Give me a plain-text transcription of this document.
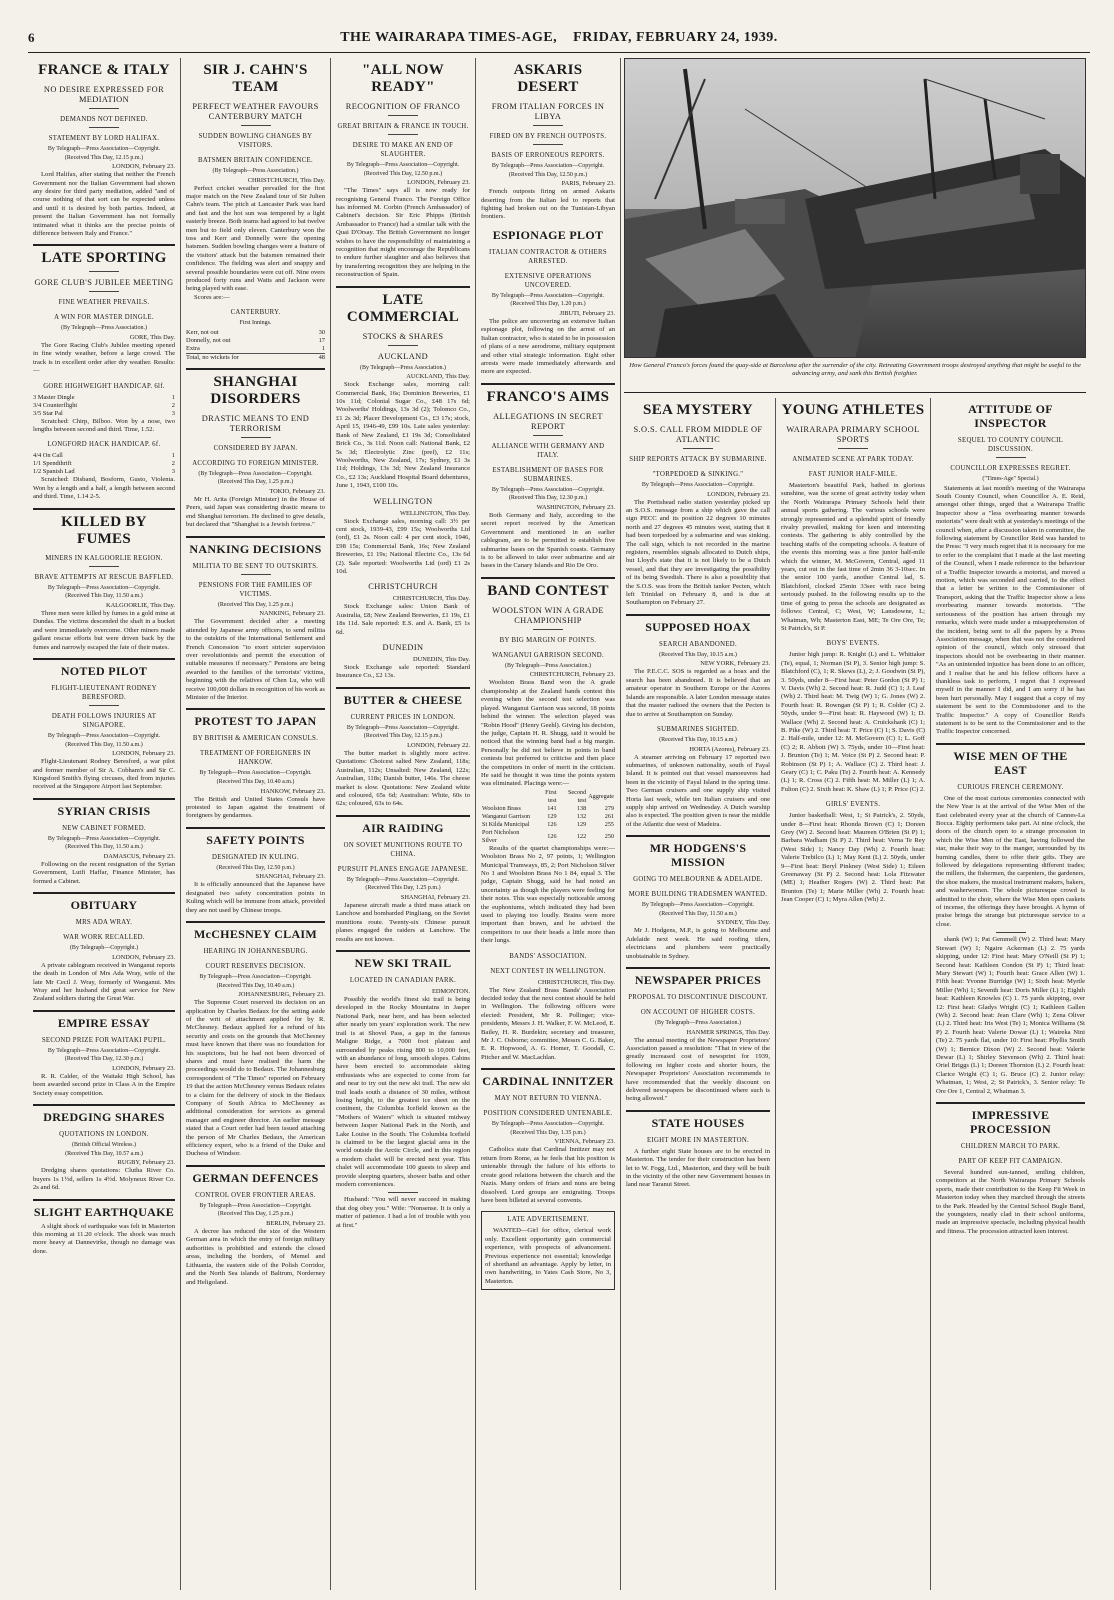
6	THE WAIRARAPA TIMES-AGE, FRIDAY, FEBRUARY 24, 1939.
FRANCE & ITALY
NO DESIRE EXPRESSED FOR MEDIATION
DEMANDS NOT DEFINED.
STATEMENT BY LORD HALIFAX.
By Telegraph—Press Association—Copyright.
(Received This Day, 12.15 p.m.)
LONDON, February 23.

Lord Halifax, after stating that neither the French Government nor the Italian Government had shown any desire for third party mediation, added "and of course nothing of that sort can be expected unless and until it is desired by both parties. Indeed, at present the Italian Government has not formally intimated what it thinks are the precise points of difference between Italy and France."

LATE SPORTING
GORE CLUB'S JUBILEE MEETING
FINE WEATHER PREVAILS.
A WIN FOR MASTER DINGLE.
(By Telegraph—Press Association.)
GORE, This Day.

The Gore Racing Club's Jubilee meeting opened in fine windy weather, before a large crowd. The track is in excellent order after dry weather. Results:—

GORE HIGHWEIGHT HANDICAP. 6lf.
3 Master Dingle	1
3/4 Counterflight	2
3/5 Star Pal	3

Scratched: Chirp, Bilboo. Won by a nose, two lengths between second and third. Time, 1.52.

LONGFORD HACK HANDICAP. 6f.
4/4 On Call	1
1/1 Spendthrift	2
1/2 Spanish Lad	3

Scratched: Disband, Bosform, Gusto, Violenta. Won by a length and a half, a length between second and third. Time, 1.14 2-5.

KILLED BY FUMES
MINERS IN KALGOORLIE REGION.
BRAVE ATTEMPTS AT RESCUE BAFFLED.
By Telegraph—Press Association—Copyright.
(Received This Day, 11.50 a.m.)
KALGOORLIE, This Day.

Three men were killed by fumes in a gold mine at Dundas. The victims descended the shaft in a bucket and were immediately overcome. Other miners made gallant rescue efforts but were driven back by the fumes and narrowly escaped the fate of their mates.

NOTED PILOT
FLIGHT-LIEUTENANT RODNEY BERESFORD.
DEATH FOLLOWS INJURIES AT SINGAPORE.
By Telegraph—Press Association—Copyright.
(Received This Day, 11.50 a.m.)
LONDON, February 23.

Flight-Lieutenant Rodney Beresford, a war pilot and former member of Sir A. Cobham's and Sir C. Kingsford Smith's flying circuses, died from injuries received at the Singapore Airport last September.

SYRIAN CRISIS
NEW CABINET FORMED.
By Telegraph—Press Association—Copyright.
(Received This Day, 11.50 a.m.)
DAMASCUS, February 23.

Following on the recent resignation of the Syrian Government, Lutfi Haffar, Finance Minister, has formed a Cabinet.

OBITUARY
MRS ADA WRAY.
WAR WORK RECALLED.
(By Telegraph—Copyright.)
LONDON, February 23.

A private cablegram received in Wanganui reports the death in London of Mrs Ada Wray, wife of the late Mr Cecil J. Wray, formerly of Wanganui. Mrs Wray and her husband did great service for New Zealand soldiers during the Great War.

EMPIRE ESSAY
SECOND PRIZE FOR WAITAKI PUPIL.
By Telegraph—Press Association—Copyright.
(Received This Day, 12.30 p.m.)
LONDON, February 23.

R. R. Calder, of the Waitaki High School, has been awarded second prize in Class A in the Empire Society essay competition.

DREDGING SHARES
QUOTATIONS IN LONDON.
(British Official Wireless.)
(Received This Day, 10.57 a.m.)
RUGBY, February 23.

Dredging shares quotations: Clutha River Co. buyers 1s 1½d, sellers 1s 4½d. Molyneux River Co. 2s and 6d.

SLIGHT EARTHQUAKE

A slight shock of earthquake was felt in Masterton this morning at 11.20 o'clock. The shock was much more heavy at Dannevirke, though no damage was done.

SIR J. CAHN'S TEAM
PERFECT WEATHER FAVOURS CANTERBURY MATCH
SUDDEN BOWLING CHANGES BY VISITORS.
BATSMEN BRITAIN CONFIDENCE.
(By Telegraph—Press Association.)
CHRISTCHURCH, This Day.

Perfect cricket weather prevailed for the first major match on the New Zealand tour of Sir Julien Cahn's team. The pitch at Lancaster Park was hard and fast and the hot sun was tempered by a light easterly breeze. Both teams had agreed to bat twelve men but to field only eleven. Canterbury won the toss and Kerr and Donnelly were the opening batsmen. Sudden bowling changes were a feature of the visitors' attack but the batsmen remained their confidence. The fielding was alert and snappy and several possible boundaries were cut off. Nine overs produced forty runs and Watts and Jackson were being played with ease.

Scores are:—

CANTERBURY.
First Innings.
Kerr, not out	30
Donnelly, not out	17
Extra	1
Total, no wickets for	48
SHANGHAI DISORDERS
DRASTIC MEANS TO END TERRORISM
CONSIDERED BY JAPAN.
ACCORDING TO FOREIGN MINISTER.
(By Telegraph—Press Association—Copyright.
(Received This Day, 1.25 p.m.)
TOKIO, February 23.

Mr H. Arita (Foreign Minister) in the House of Peers, said Japan was considering drastic means to end Shanghai terrorism. He declined to give details, but declared that "Shanghai is a Jewish fortress."

NANKING DECISIONS
MILITIA TO BE SENT TO OUTSKIRTS.
PENSIONS FOR THE FAMILIES OF VICTIMS.
(Received This Day, 1.25 p.m.)
NANKING, February 23.

The Government decided after a meeting attended by Japanese army officers, to send militia to the outskirts of the International Settlement and French Concession "to exert stricter supervision over revolutionists and permit the execution of suitable measures if necessary." Pensions are being awarded to the families of the terrorists' victims, beginning with the relatives of Chen Lu, who will receive 100,000 dollars in recognition of his work as Minister of the Interior.

PROTEST TO JAPAN
BY BRITISH & AMERICAN CONSULS.
TREATMENT OF FOREIGNERS IN HANKOW.
By Telegraph—Press Association—Copyright.
(Received This Day, 10.40 a.m.)
HANKOW, February 23.

The British and United States Consuls have protested to Japan against the treatment of foreigners by gendarmes.

SAFETY POINTS
DESIGNATED IN KULING.
(Received This Day, 12.50 p.m.)
SHANGHAI, February 23.

It is officially announced that the Japanese have designated two safety concentration points in Kuling which will be immune from attack, provided they are not used by Chinese troops.

McCHESNEY CLAIM
HEARING IN JOHANNESBURG.
COURT RESERVES DECISION.
By Telegraph—Press Association—Copyright.
(Received This Day, 10.40 a.m.)
JOHANNESBURG, February 23.

The Supreme Court reserved its decision on an application by Charles Bedaux for the setting aside of the writ of attachment applied for by R. McChesney. Bedaux applied for a refund of his security and costs on the grounds that McChesney must have known that there was no foundation for his suspicions, but he had not been divorced of shares and must have realised the harm the proceedings would do to Bedaux. The Johannesburg correspondent of "The Times" reported on February 19 that the action McChesney versus Bedaux relates to a claim for the delivery of stock in the Bedaux Company of South Africa to McChesney as additional consideration for services as general manager and engineer director. An earlier message stated that a Court order had been issued attaching the person of Mr Charles Bedaux, the American efficiency expert, who is a friend of the Duke and Duchess of Windsor.

GERMAN DEFENCES
CONTROL OVER FRONTIER AREAS.
By Telegraph—Press Association—Copyright.
(Received This Day, 1.25 p.m.)
BERLIN, February 23.

A decree has reduced the size of the Western German area in which the entry of foreign military authorities is prohibited and extends the closed areas, including the borders, of Memel and Lithuania, the eastern side of the Polish Corridor, and the North Sea islands of Baltrum, Norderney and Heligoland.

"ALL NOW READY"
RECOGNITION OF FRANCO
GREAT BRITAIN & FRANCE IN TOUCH.
DESIRE TO MAKE AN END OF SLAUGHTER.
By Telegraph—Press Association—Copyright.
(Received This Day, 12.50 p.m.)
LONDON, February 23.

"The Times" says all is now ready for recognising General Franco. The Foreign Office has informed M. Corbin (French Ambassador) of Cabinet's decision. Sir Eric Phipps (British Ambassador to France) had a similar talk with the Quai D'Orsay. The British Government no longer wishes to have the responsibility of maintaining a recognition that might encourage the Republicans to endure further slaughter and also believes that by transferring recognition they are helping in the reconstruction of Spain.

LATE COMMERCIAL
STOCKS & SHARES
AUCKLAND
(By Telegraph—Press Association.)
AUCKLAND, This Day.

Stock Exchange sales, morning call: Commercial Bank, 16s; Dominion Breweries, £1 10s 11d; Colonial Sugar Co., £48 17s 6d; Woolworths' Holdings, 13s 3d (2); Tolomco Co., £1 2s 3d; Placer Development Co., £3 17s; stock, April 15, 1946-49, £99 10s. Late sales yesterday: Bank of New Zealand, £1 19s 3d; Consolidated Brick Co., 3s 11d. Noon call: National Bank, £2 5s 3d; Electrolytic Zinc (pref), £2 11s; Woolworths, New Zealand, 17s; Sydney, £1 3s 11d; Holdings, 13s 3d; New Zealand Insurance Co., £2 13s; Auckland Hospital Board debentures, June 1, 1943, £100 10s.

WELLINGTON
WELLINGTON, This Day.

Stock Exchange sales, morning call: 3½ per cent stock, 1939-43, £99 15s; Woolworths Ltd (ord), £1 2s. Noon call: 4 per cent stock, 1946, £98 15s; Commercial Bank, 16s; New Zealand Breweries, £1 19s; National Electric Co., 13s 6d (2). Sale reported: Woolworths Ltd (ord) £1 2s 10d.

CHRISTCHURCH
CHRISTCHURCH, This Day.

Stock Exchange sales: Union Bank of Australia, £8; New Zealand Breweries, £1 19s, £1 18s 11d. Sale reported: E.S. and A. Bank, £5 1s 6d.

DUNEDIN
DUNEDIN, This Day.

Stock Exchange sale reported: Standard Insurance Co., £2 13s.

BUTTER & CHEESE
CURRENT PRICES IN LONDON.
By Telegraph—Press Association—Copyright.
(Received This Day, 12.15 p.m.)
LONDON, February 22.

The butter market is slightly more active. Quotations: Choicest salted New Zealand, 118s; Australian, 112s; Unsalted: New Zealand, 122s; Australian, 118s; Danish butter, 146s. The cheese market is slow. Quotations: New Zealand white and coloured, 65s 6d; Australian: White, 60s to 62s; coloured, 63s to 64s.

AIR RAIDING
ON SOVIET MUNITIONS ROUTE TO CHINA.
PURSUIT PLANES ENGAGE JAPANESE.
By Telegraph—Press Association—Copyright.
(Received This Day, 1.25 p.m.)
SHANGHAI, February 23.

Japanese aircraft made a third mass attack on Lanchow and bombarded Pingliang, on the Soviet munitions route. Twenty-six Chinese pursuit planes engaged the raiders at Lanchow. The results are not known.

NEW SKI TRAIL
LOCATED IN CANADIAN PARK.
EDMONTON.

Possibly the world's finest ski trail is being developed in the Rocky Mountains in Jasper National Park, near here, and has been selected after nearly ten years' exploration work. The new trail is at Shovel Pass, a gap in the famous Maligne Ridge, a 7000 foot plateau and surrounded by peaks rising 800 to 10,000 feet, with an abundance of long, smooth slopes. Cabins have been erected to accommodate skiing enthusiasts who are expected to come from far and near to try out the new ski trail. The new ski trail leads south a distance of 30 miles, without losing height, to the greatest ice sheet on the continent, the Columbia Icefield known as the "Mothers of Waters" which is situated midway between Jasper National Park in the North, and Lake Louise in the South. The Columbia Icefield is claimed to be the largest glacial area in the world outside the Arctic Circle, and in this region a modern chalet will be erected next year. This chalet will accommodate 100 guests to sleep and provide sleeping quarters, shower baths and other modern conveniences.

Husband: "You will never succeed in making that dog obey you." Wife: "Nonsense. It is only a matter of patience. I had a lot of trouble with you at first."

ASKARIS DESERT
FROM ITALIAN FORCES IN LIBYA
FIRED ON BY FRENCH OUTPOSTS.
BASIS OF ERRONEOUS REPORTS.
By Telegraph—Press Association—Copyright.
(Received This Day, 12.50 p.m.)
PARIS, February 23.

French outposts firing on armed Askaris deserting from the Italian led to reports that fighting had broken out on the Tunisian-Libyan frontiers.

ESPIONAGE PLOT
ITALIAN CONTRACTOR & OTHERS ARRESTED.
EXTENSIVE OPERATIONS UNCOVERED.
By Telegraph—Press Association—Copyright.
(Received This Day, 1.20 p.m.)
JIBUTI, February 23.

The police are uncovering an extensive Italian espionage plot, following on the arrest of an Italian contractor, who is stated to be in possession of plans of a new aerodrome, military equipment and other vital strategic information. Eight other arrests were made immediately afterwards and more are expected.

FRANCO'S AIMS
ALLEGATIONS IN SECRET REPORT
ALLIANCE WITH GERMANY AND ITALY.
ESTABLISHMENT OF BASES FOR SUBMARINES.
By Telegraph—Press Association—Copyright.
(Received This Day, 12.30 p.m.)
WASHINGTON, February 23.

Both Germany and Italy, according to the secret report received by the American Government and mentioned in an earlier cablegram, are to be permitted to establish five submarine bases on the Spanish coasts. Germany is to be allowed to take over submarine and air bases in the Canary Islands and Rio De Oro.

BAND CONTEST
WOOLSTON WIN A GRADE CHAMPIONSHIP
BY BIG MARGIN OF POINTS.
WANGANUI GARRISON SECOND.
(By Telegraph—Press Association.)
CHRISTCHURCH, February 23.

Woolston Brass Band won the A grade championship at the Zealand bands contest this evening when the second test selection was played. Wanganui Garrison was second, 18 points behind the winner. The selection played was "Robin Hood" (Henry Geehl). Giving his decision, the judge, Captain H. R. Shugg, said it would be noticed that the winning band had a big margin. Personally he did not believe in points in band contests but preferred to criticise and then place the competitors in order of merit in the criticism. He said he thought it was time the points system was eliminated. Placings were:—

	First test	Second test	Aggregate
Woolston Brass	141	138	279
Wanganui Garrison	129	132	261
St Kilda Municipal	126	129	255
Port Nicholson Silver	126	122	250

Results of the quartet championships were:—Woolston Brass No 2, 97 points, 1; Wellington Municipal Tramways, 85, 2; Port Nicholson Silver No 1 and Woolston Brass No 1 84, equal 3. The judge, Captain Shugg, said he had noted an uncertainty as though the players were feeling for their notes. This was especially noticeable among the euphoniums, which indicated they had been used to playing too loudly. Brains were more important than brawn, and he advised the competitors to use their heads a little more than their lungs.

BANDS' ASSOCIATION.
NEXT CONTEST IN WELLINGTON.
CHRISTCHURCH, This Day.

The New Zealand Brass Bands' Association decided today that the next contest should be held in Wellington. The following officers were elected: President, Mr R. Pollinger; vice-presidents, Messrs J. H. Walker, F. W. McLeod, E. Bailey, H. R. Burdekin; secretary and treasurer, Mr J. C. Osborne; committee, Messrs C. G. Baker, E. R. Hopwood, A. G. Homer, T. Goodall, C. Pitcher and W. MacLachlan.

CARDINAL INNITZER
MAY NOT RETURN TO VIENNA.
POSITION CONSIDERED UNTENABLE.
By Telegraph—Press Association—Copyright.
(Received This Day, 1.35 p.m.)
VIENNA, February 23.

Catholics state that Cardinal Innitzer may not return from Rome, as he feels that his position is untenable through the failure of his efforts to create good relations between the church and the Nazis. Many orders of friars and nuns are being dissolved. Lord groups are emigrating. Troops have been billeted at several convents.

LATE ADVERTISEMENT.

WANTED—Girl for office, clerical work only. Excellent opportunity gain commercial experience, with prospects of advancement. Previous experience not essential; knowledge of shorthand an advantage. Apply by letter, in own handwriting, to Yates Cash Store, No 3, Masterton.

How General Franco's forces found the quay-side at Barcelona after the surrender of the city. Retreating Government troops destroyed anything that might be useful to the advancing army, and sank this British freighter.
SEA MYSTERY
S.O.S. CALL FROM MIDDLE OF ATLANTIC
SHIP REPORTS ATTACK BY SUBMARINE.
"TORPEDOED & SINKING."
By Telegraph—Press Association—Copyright.
LONDON, February 23.

The Portishead radio station yesterday picked up an S.O.S. message from a ship which gave the call sign PECC and its position 22 degrees 10 minutes north and 27 degrees 45 minutes west, stating that it had been torpedoed by a submarine and was sinking. The call sign, which is not recorded in the marine registers, resembles signals allocated to Dutch ships, but Lloyd's state that it is not likely to be a Dutch vessel, and that they are investigating the possibility of its being Swedish. There is also a possibility that the S.O.S. was from the British tanker Pecten, which left Trinidad on February 8, and is due at Southampton on February 27.

SUPPOSED HOAX
SEARCH ABANDONED.
(Received This Day, 10.15 a.m.)
NEW YORK, February 23.

The P.E.C.C. SOS is regarded as a hoax and the search has been abandoned. It is believed that an amateur operator in Southern Europe or the Azores Islands are responsible. A later London message states that the master radioed the owners that the Pecten is due to arrive at Southampton on Sunday.

SUBMARINES SIGHTED.
(Received This Day, 10.15 a.m.)
HORTA (Azores), February 23.

A steamer arriving on February 17 reported two submarines, of unknown nationality, south of Fayal Island. It is pointed out that vessel manoeuvres had been in the vicinity of Fayal Island in the spring time. Two German cruisers and one supply ship visited Horta last week, while ten Italian cruisers and one supply ship arrived on Wednesday. A Dutch warship also is expected. The position given is near the middle of the Atlantic due west of Madeira.

MR HODGENS'S MISSION
GOING TO MELBOURNE & ADELAIDE.
MORE BUILDING TRADESMEN WANTED.
By Telegraph—Press Association—Copyright.
(Received This Day, 11.50 a.m.)
SYDNEY, This Day.

Mr J. Hodgens, M.P., is going to Melbourne and Adelaide next week. He said roofing tilers, electricians and plumbers were practically unobtainable in Sydney.

NEWSPAPER PRICES
PROPOSAL TO DISCONTINUE DISCOUNT.
ON ACCOUNT OF HIGHER COSTS.
(By Telegraph—Press Association.)
HANMER SPRINGS, This Day.

The annual meeting of the Newspaper Proprietors' Association passed a resolution: "That in view of the greatly increased cost of newsprint for 1939, following on higher costs and shorter hours, the Newspaper Proprietors' Association recommends to have recommended that the weekly discount on delivered newspapers be discontinued where such is being allowed."

STATE HOUSES
EIGHT MORE IN MASTERTON.

A further eight State houses are to be erected in Masterton. The tender for their construction has been let to W. Fogg, Ltd., Masterton, and they will be built in the vicinity of the other new Government houses in land near Taranui Street.

YOUNG ATHLETES
WAIRARAPA PRIMARY SCHOOL SPORTS
ANIMATED SCENE AT PARK TODAY.
FAST JUNIOR HALF-MILE.

Masterton's beautiful Park, bathed in glorious sunshine, was the scene of great activity today when the North Wairarapa Primary Schools held their annual sports gathering. The various schools were strongly represented and a splendid spirit of friendly rivalry prevailed, making for keen and interesting contests. The gathering is ably controlled by the teaching staffs of the competing schools. A feature of the events this morning was a fine junior half-mile which the winner, M. McGovern, Central, aged 11 years, cut out in the fast time of 2min 36 3-10sec. In the senior 100 yards, another Central lad, S. Blatchford, clocked 25min 33sec with race being seriously pushed. In the following results up to the time of going to press the schools are designated as follows: Central, C; West, W; Lansdowne, L; Whatman, Wh; Masterton East, ME; Te Ore Ore, Te; St Patrick's, St P.

BOYS' EVENTS.

Junior high jump: R. Knight (L) and L. Whittaker (Te), equal, 1; Norman (St P), 3. Senior high jump: S. Blatchford (C), 1; R. Skews (L), 2; J. Goodwin (St P), 3. 50yds, under 8—First heat: Peter Gordon (St P) 1; V. Davis (Wh) 2. Second heat: R. Judd (C) 1; J. Leaf (Wh) 2. Third heat: M. Twig (W) 1; G. Jones (W) 2. Fourth heat: R. Rowngan (St P) 1; R. Colder (C) 2. 50yds, under 9—First heat: R. Haywood (W) 1; D. Wallace (Wh) 2. Second heat: A. Cruickshank (C) 1; B. Pike (W) 2. Third heat: T. Price (C) 1; S. Davis (C) 2. Half-mile, under 12: M. McGovern (C) 1; L. Goff (C) 2; R. Abbott (W) 3. 75yds, under 10—First heat: J. Brunton (Te) 1; M. Voice (St P) 2. Second heat: P. Robinson (St P) 1; A. Wallace (C) 2. Third heat: J. Geary (C) 1; C. Paku (Te) 2. Fourth heat: A. Kennedy (L) 1; R. Cross (C) 2. Fifth heat: M. Miller (L) 1; A. Fulton (C) 2. Sixth heat: K. Shaw (L) 1; P. Price (C) 2.

GIRLS' EVENTS.

Junior basketball: West, 1; St Patrick's, 2. 50yds, under 8—First heat: Rhonda Brown (C) 1; Doreen Grey (W) 2. Second heat: Maureen O'Brien (St P) 1; Barbara Wadham (St P) 2. Third heat: Verna Te Rey (West Side) 1; Nancy Day (Wh) 2. Fourth heat: Valerie Trebilco (L) 1; May Kent (L) 2. 50yds, under 9—First heat: Beryl Pinkney (West Side) 1; Eileen Greenaway (St P) 2. Second heat: Lola Fitzwater (ME) 1; Heather Rogers (W) 2. Third heat: Pat Brunton (Te) 1; Marie Miller (Wh) 2. Fourth heat: Jean Cooper (C) 1; Myra Allen (Wh) 2.

ATTITUDE OF INSPECTOR
SEQUEL TO COUNTY COUNCIL DISCUSSION.
COUNCILLOR EXPRESSES REGRET.
("Times-Age" Special.)

Statements at last month's meeting of the Wairarapa South County Council, when Councillor A. E. Reid, amongst other things, urged that a Wairarapa Traffic Inspector show a "less overbearing manner towards motorists" were dealt with at yesterday's meetings of the council when, after a discussion taken in committee, the following statement by Councillor Reid was handed to the Press: "I very much regret that it is necessary for me to refer to the complaint that I made at the last meeting of the Council, when I made reference to the behaviour of a Traffic Inspector towards a motorist, and moved a motion, which was seconded and carried, to the effect that a letter be written to the Commissioner of Transport, asking that the Traffic Inspector show a less overbearing manner towards motorists. "The seriousness of the position has arisen through my remarks, which were made under a misapprehension of the incident, being sent to all the papers by a Press Association message, when that was not the considered opinion of the council, which only stressed that inspectors should not be overbearing in their manner. "As an unintended injustice has been done to an officer, and I realise that he and his fellow officers have a thankless task to perform, I regret that I expressed myself in the manner I did, and I am sorry if he has been hurt personally. May I suggest that a copy of my statement be sent to the Commissioner and to the Traffic Inspector." A copy of Councillor Reid's statement is to be sent to the Commissioner and to the Traffic Inspector concerned.

WISE MEN OF THE EAST
CURIOUS FRENCH CEREMONY.

One of the most curious ceremonies connected with the New Year is at the arrival of the Wise Men of the East celebrated every year at the church of Cannes-La Bocca. Eighty performers take part. At nine o'clock, the doors of the church open to a strange procession in which the Wise Men of the East, having followed the star, make their way to the manger, surrounded by its burning candles, there to offer their gifts. They are followed by delegations representing different trades; the millers, the fishermen, the carpenters, the gardeners, the shoe makers, the musical instrument makers, bakers, and washerwomen. The whole picturesque crowd is admitted to the choir, where the Wise Men open caskets of incense, the offerings they have brought. A hymn of praise brings the strange but picturesque service to a close.

shank (W) 1; Pat Gemmell (W) 2. Third heat: Mary Stewart (W) 1; Ngaire Ackerman (L) 2. 75 yards skipping, under 12: First heat: Mary O'Neill (St P) 1; Second heat: Kathleen Condon (St P) 1; Third heat: Mary Stewart (W) 1; Fourth heat: Grace Allen (W) 1. Fifth heat: Yvonne Burridge (W) 1; Sixth heat: Myrtle Miller (Wh) 1; Seventh heat: Doris Miller (L) 1; Eighth heat: Kathleen Knowles (C) 1. 75 yards skipping, over 12: First heat: Gladys Wright (C) 1; Kathleen Gallen (Wh) 2. Second heat: Jean Clare (Wh) 1; Zena Oliver (L) 2. Third heat: Iris West (Te) 1; Monica Williams (St P) 2. Fourth heat: Valerie Dowar (L) 1; Waireka Nini (Te) 2. 75 yards flat, under 10: First heat: Phyllis Smith (W) 1; Bernice Dixon (W) 2. Second heat: Valerie Dewar (L) 1; Shirley Stevenson (Wh) 2. Third heat: Oriel Briggs (L) 1; Doreen Thornton (L) 2. Fourth heat: Clarice Wright (C) 1; G. Bruce (C) 2. Junior relay: Whatman, 1; West, 2; St Patrick's, 3. Senior relay: Te Ore Ore 1, Central 2, Whatman 3.

IMPRESSIVE PROCESSION
CHILDREN MARCH TO PARK.
PART OF KEEP FIT CAMPAIGN.

Several hundred sun-tanned, smiling children, competitors at the North Wairarapa Primary Schools sports, made their contribution to the Keep Fit Week in Masterton today when they marched through the streets to the Park. Headed by the Central School Bugle Band, the youngsters, neatly clad in their school uniforms, made an impressive spectacle, including physical health and fitness. The procession attracted keen interest.
